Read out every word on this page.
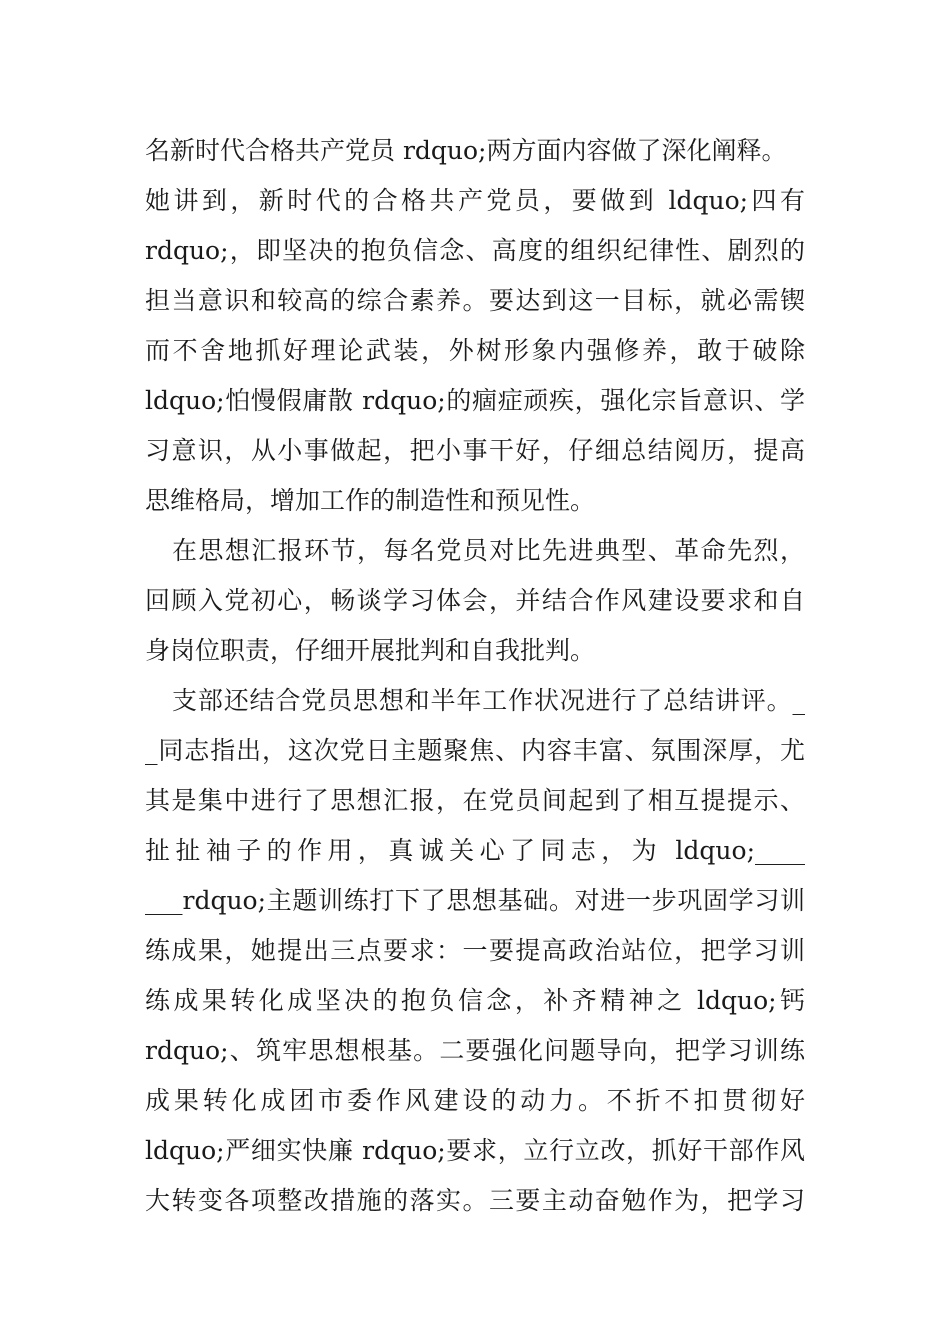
名新时代合格共产党员 rdquo;两方面内容做了深化阐释。
她讲到，新时代的合格共产党员，要做到 ldquo;四有
rdquo;，即坚决的抱负信念、高度的组织纪律性、剧烈的
担当意识和较高的综合素养。要达到这一目标，就必需锲
而不舍地抓好理论武装，外树形象内强修养，敢于破除
ldquo;怕慢假庸散 rdquo;的痼症顽疾，强化宗旨意识、学
习意识，从小事做起，把小事干好，仔细总结阅历，提高
思维格局，增加工作的制造性和预见性。
在思想汇报环节，每名党员对比先进典型、革命先烈，
回顾入党初心，畅谈学习体会，并结合作风建设要求和自
身岗位职责，仔细开展批判和自我批判。
支部还结合党员思想和半年工作状况进行了总结讲评。_
_同志指出，这次党日主题聚焦、内容丰富、氛围深厚，尤
其是集中进行了思想汇报，在党员间起到了相互提提示、
扯扯袖子的作用，真诚关心了同志，为 ldquo;____
___rdquo;主题训练打下了思想基础。对进一步巩固学习训
练成果，她提出三点要求：一要提高政治站位，把学习训
练成果转化成坚决的抱负信念，补齐精神之 ldquo;钙
rdquo;、筑牢思想根基。二要强化问题导向，把学习训练
成果转化成团市委作风建设的动力。不折不扣贯彻好
ldquo;严细实快廉 rdquo;要求，立行立改，抓好干部作风
大转变各项整改措施的落实。三要主动奋勉作为，把学习
